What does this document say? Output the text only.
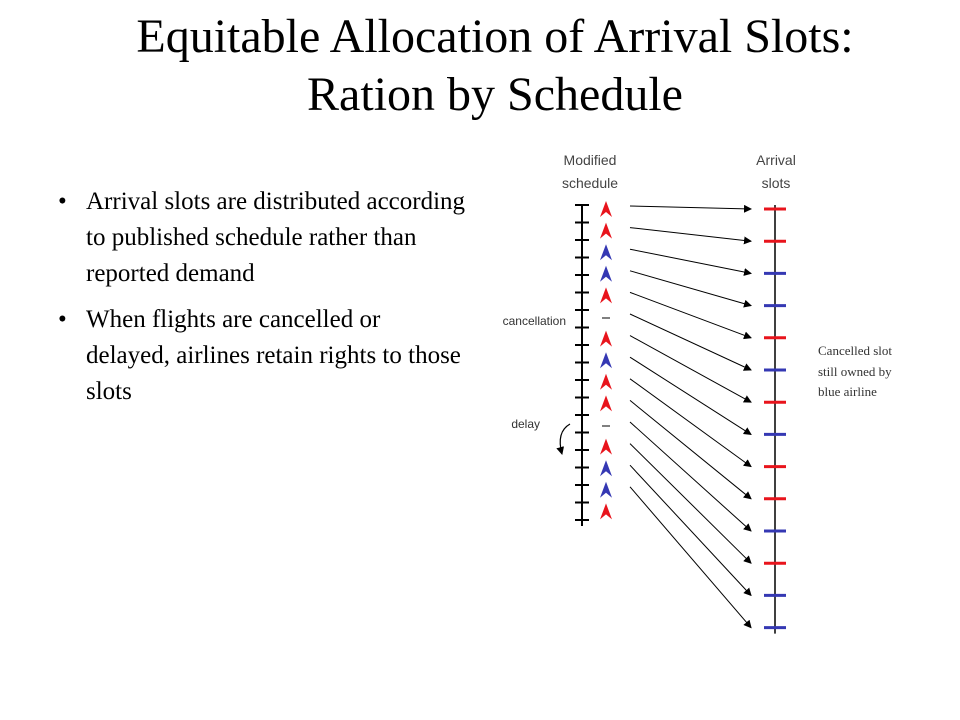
Equitable Allocation of Arrival Slots:
Ration by Schedule
• Arrival slots are distributed according to published schedule rather than reported demand
• When flights are cancelled or delayed, airlines retain rights to those slots
Modified
schedule
Arrival
slots
cancellation
delay
Cancelled slot
still owned by
blue airline
